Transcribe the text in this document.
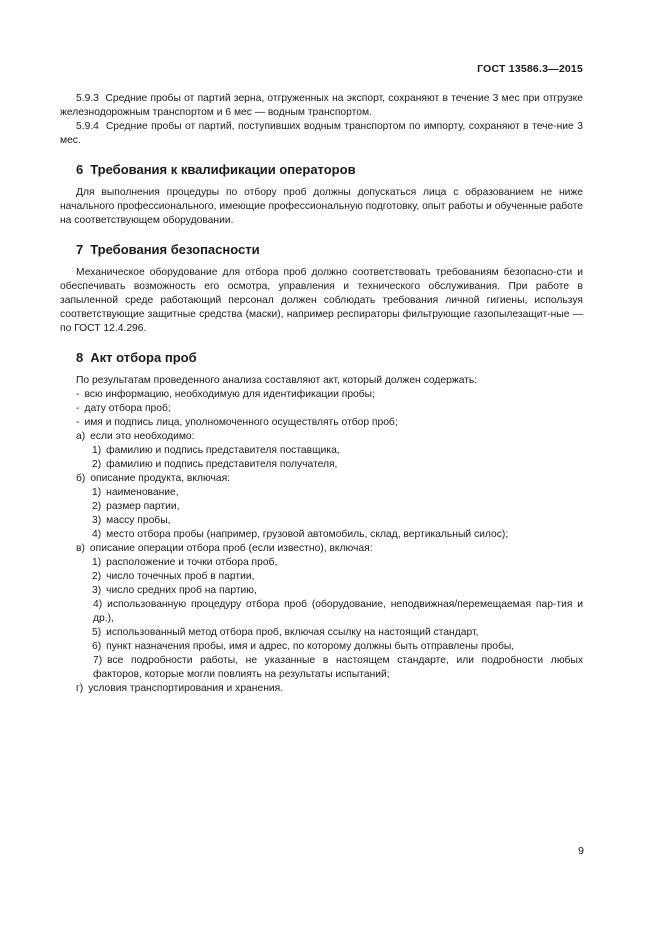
ГОСТ 13586.3—2015

5.9.3 Средние пробы от партий зерна, отгруженных на экспорт, сохраняют в течение 3 мес при отгрузке железнодорожным транспортом и 6 мес — водным транспортом.

5.9.4 Средние пробы от партий, поступивших водным транспортом по импорту, сохраняют в тече-ние 3 мес.

6 Требования к квалификации операторов

Для выполнения процедуры по отбору проб должны допускаться лица с образованием не ниже начального профессионального, имеющие профессиональную подготовку, опыт работы и обученные работе на соответствующем оборудовании.

7 Требования безопасности

Механическое оборудование для отбора проб должно соответствовать требованиям безопасно-сти и обеспечивать возможность его осмотра, управления и технического обслуживания. При работе в запыленной среде работающий персонал должен соблюдать требования личной гигиены, используя соответствующие защитные средства (маски), например респираторы фильтрующие газопылезащит-ные — по ГОСТ 12.4.296.

8 Акт отбора проб

По результатам проведенного анализа составляют акт, который должен содержать:

- всю информацию, необходимую для идентификации пробы;
- дату отбора проб;
- имя и подпись лица, уполномоченного осуществлять отбор проб;
а) если это необходимо:
1) фамилию и подпись представителя поставщика,
2) фамилию и подпись представителя получателя,
б) описание продукта, включая:
1) наименование,
2) размер партии,
3) массу пробы,
4) место отбора пробы (например, грузовой автомобиль, склад, вертикальный силос);
в) описание операции отбора проб (если известно), включая:
1) расположение и точки отбора проб,
2) число точечных проб в партии,
3) число средних проб на партию,

4) использованную процедуру отбора проб (оборудование, неподвижная/перемещаемая пар-тия и др.),

5) использованный метод отбора проб, включая ссылку на настоящий стандарт,
6) пункт назначения пробы, имя и адрес, по которому должны быть отправлены пробы,

7) все подробности работы, не указанные в настоящем стандарте, или подробности любых факторов, которые могли повлиять на результаты испытаний;

г) условия транспортирования и хранения.
9
